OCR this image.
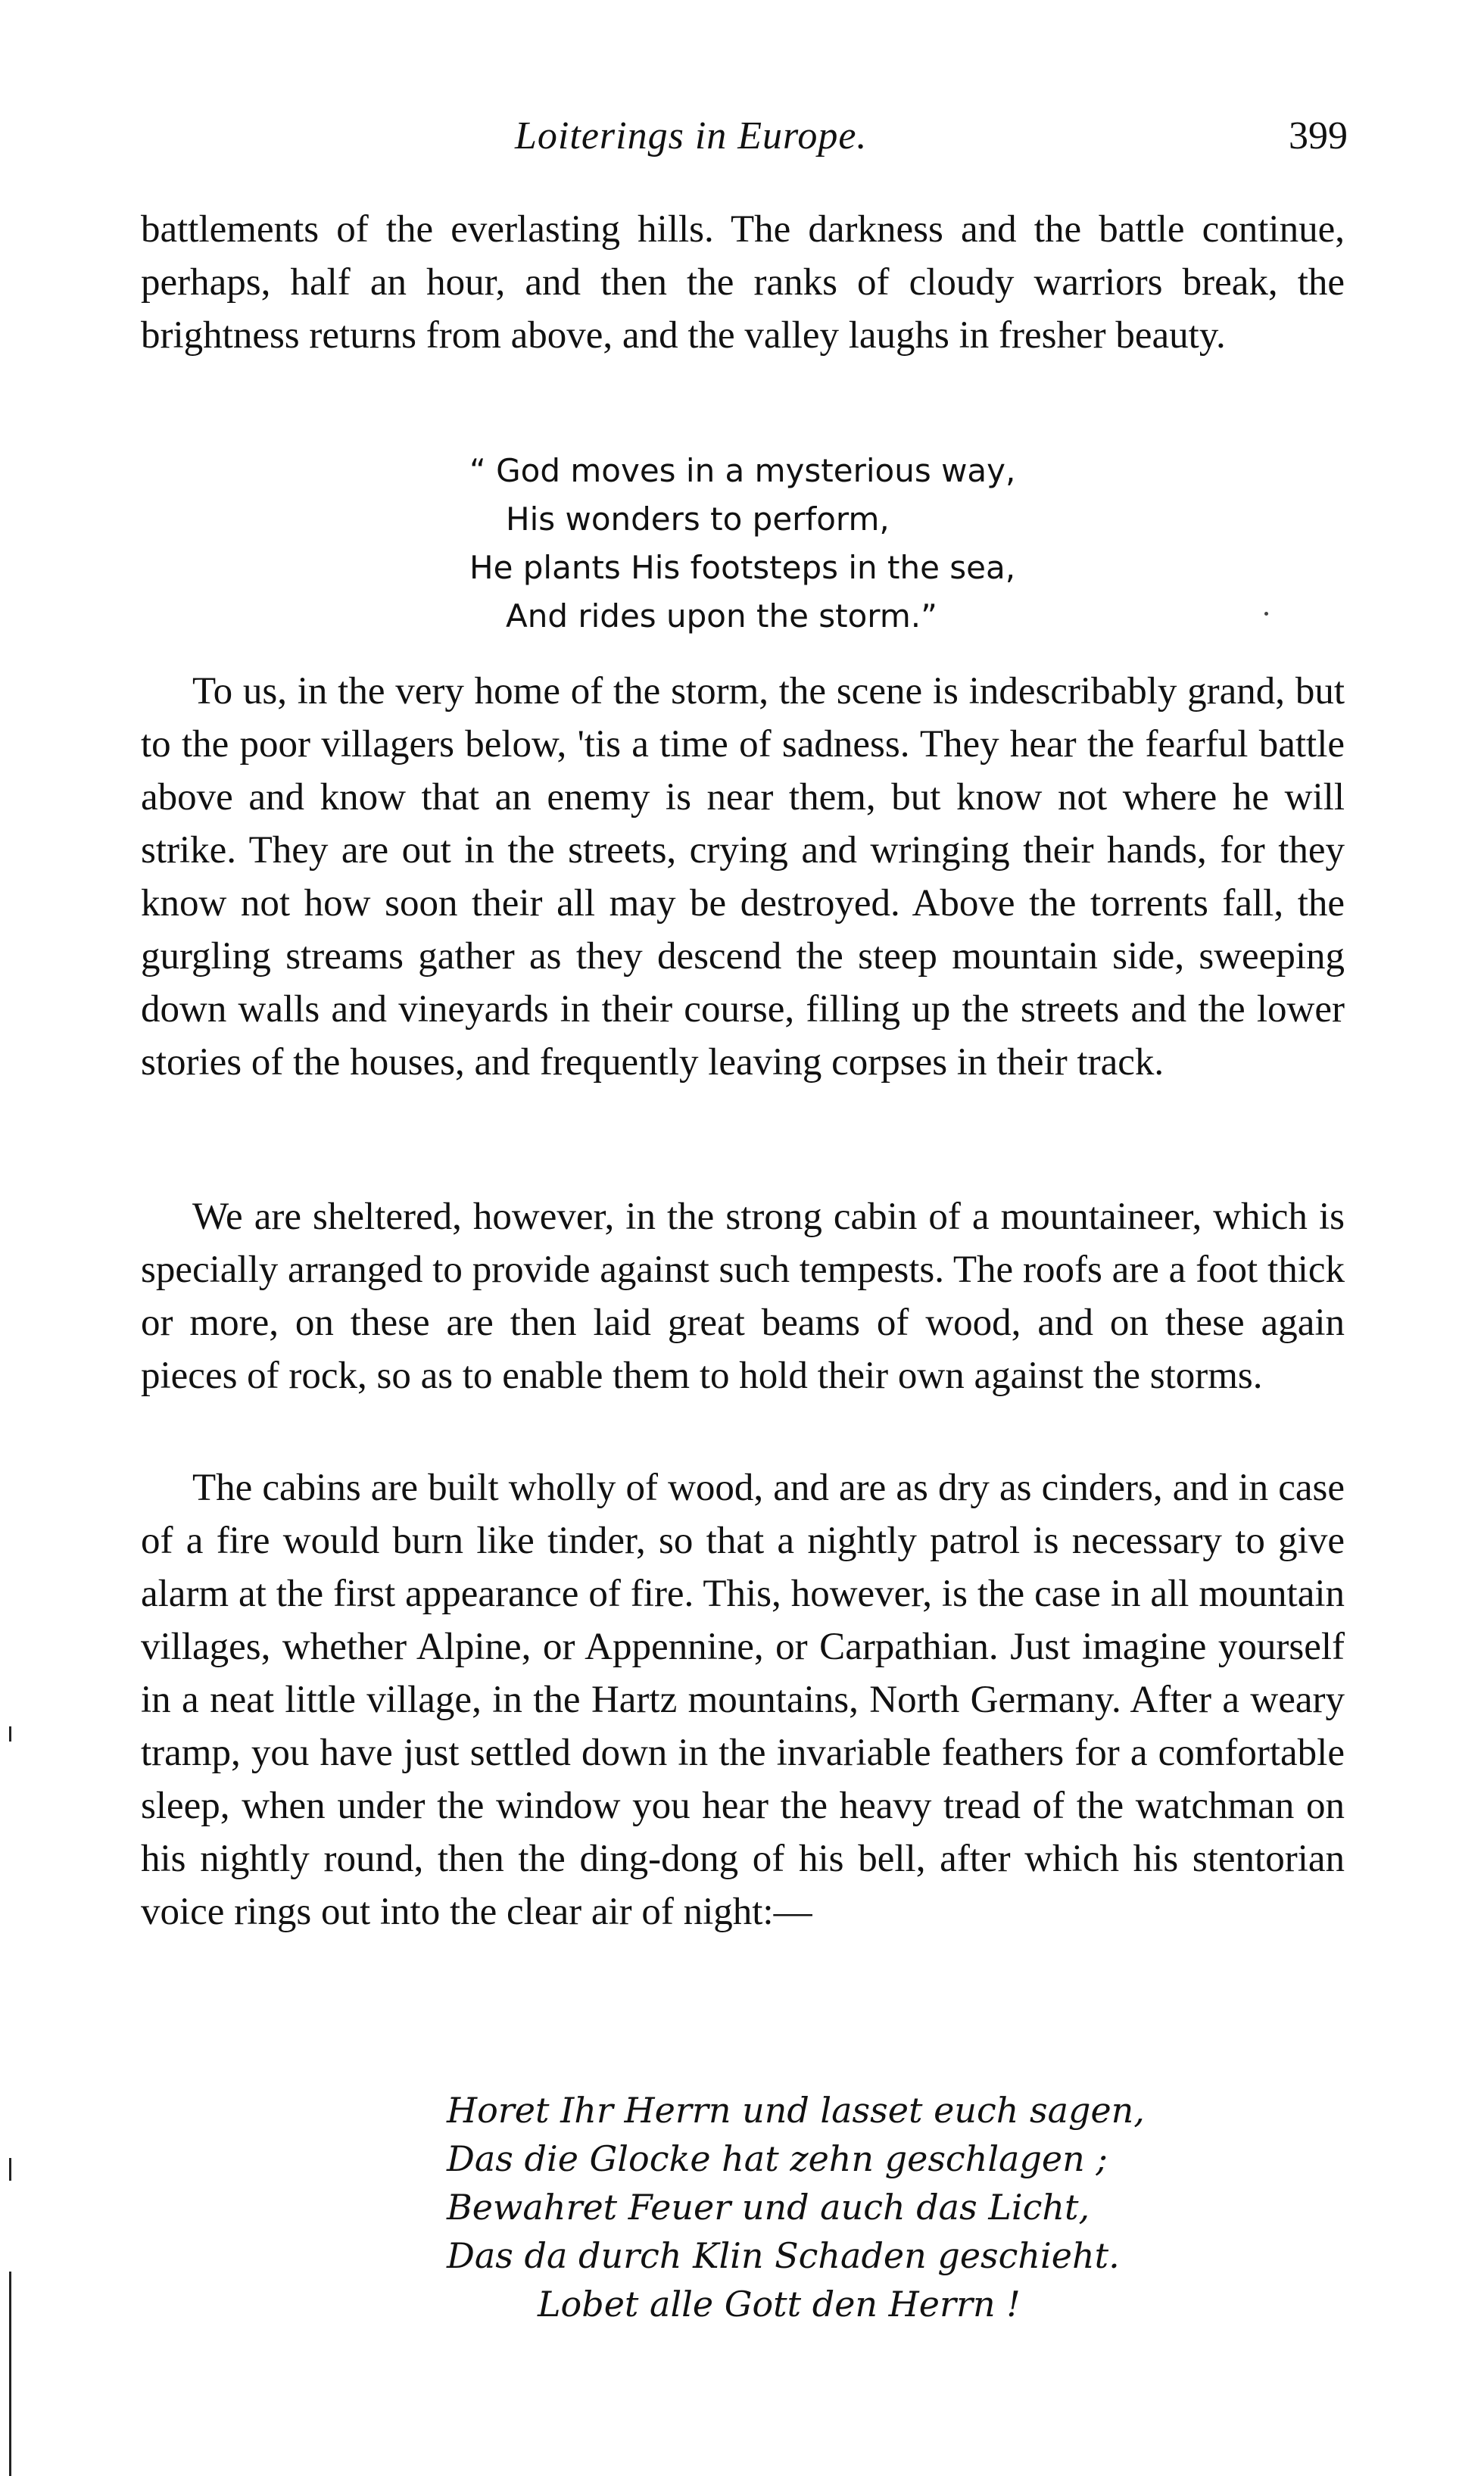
Loiterings in Europe.	399

battlements of the everlasting hills. The darkness and the battle continue, perhaps, half an hour, and then the ranks of cloudy warriors break, the brightness returns from above, and the valley laughs in fresher beauty.

“ God moves in a mysterious way,
His wonders to perform,
He plants His footsteps in the sea,
And rides upon the storm.”

To us, in the very home of the storm, the scene is indescribably grand, but to the poor villagers below, 'tis a time of sadness. They hear the fearful battle above and know that an enemy is near them, but know not where he will strike. They are out in the streets, crying and wringing their hands, for they know not how soon their all may be destroyed. Above the torrents fall, the gurgling streams gather as they descend the steep mountain side, sweeping down walls and vineyards in their course, filling up the streets and the lower stories of the houses, and frequently leaving corpses in their track.

We are sheltered, however, in the strong cabin of a mountaineer, which is specially arranged to provide against such tempests. The roofs are a foot thick or more, on these are then laid great beams of wood, and on these again pieces of rock, so as to enable them to hold their own against the storms.

The cabins are built wholly of wood, and are as dry as cinders, and in case of a fire would burn like tinder, so that a nightly patrol is necessary to give alarm at the first appearance of fire. This, however, is the case in all mountain villages, whether Alpine, or Appennine, or Carpathian. Just imagine yourself in a neat little village, in the Hartz mountains, North Germany. After a weary tramp, you have just settled down in the invariable feathers for a comfortable sleep, when under the window you hear the heavy tread of the watchman on his nightly round, then the ding-dong of his bell, after which his stentorian voice rings out into the clear air of night:—

Horet Ihr Herrn und lasset euch sagen,
Das die Glocke hat zehn geschlagen ;
Bewahret Feuer und auch das Licht,
Das da durch Klin Schaden geschieht.
Lobet alle Gott den Herrn !
